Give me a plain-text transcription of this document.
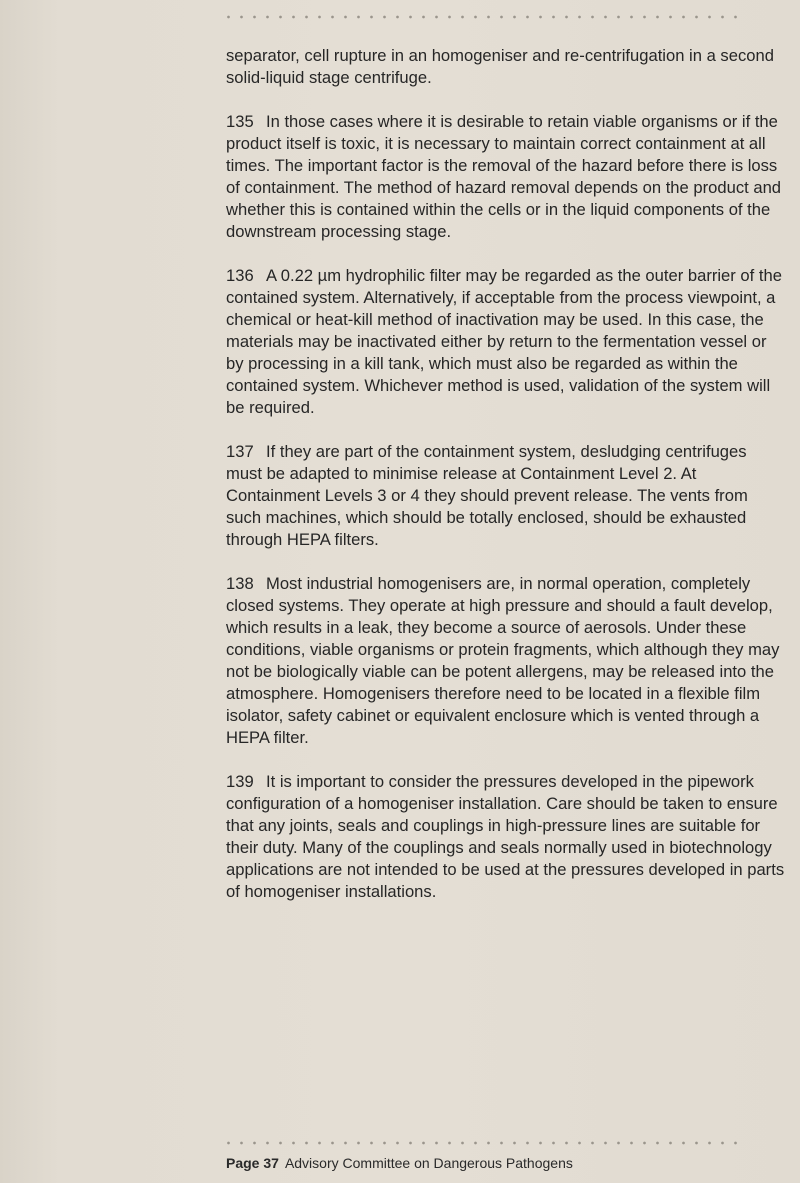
separator, cell rupture in an homogeniser and re-centrifugation in a second solid-liquid stage centrifuge.

135 In those cases where it is desirable to retain viable organisms or if the product itself is toxic, it is necessary to maintain correct containment at all times. The important factor is the removal of the hazard before there is loss of containment. The method of hazard removal depends on the product and whether this is contained within the cells or in the liquid components of the downstream processing stage.

136 A 0.22 µm hydrophilic filter may be regarded as the outer barrier of the contained system. Alternatively, if acceptable from the process viewpoint, a chemical or heat-kill method of inactivation may be used. In this case, the materials may be inactivated either by return to the fermentation vessel or by processing in a kill tank, which must also be regarded as within the contained system. Whichever method is used, validation of the system will be required.

137 If they are part of the containment system, desludging centrifuges must be adapted to minimise release at Containment Level 2. At Containment Levels 3 or 4 they should prevent release. The vents from such machines, which should be totally enclosed, should be exhausted through HEPA filters.

138 Most industrial homogenisers are, in normal operation, completely closed systems. They operate at high pressure and should a fault develop, which results in a leak, they become a source of aerosols. Under these conditions, viable organisms or protein fragments, which although they may not be biologically viable can be potent allergens, may be released into the atmosphere. Homogenisers therefore need to be located in a flexible film isolator, safety cabinet or equivalent enclosure which is vented through a HEPA filter.

139 It is important to consider the pressures developed in the pipework configuration of a homogeniser installation. Care should be taken to ensure that any joints, seals and couplings in high-pressure lines are suitable for their duty. Many of the couplings and seals normally used in biotechnology applications are not intended to be used at the pressures developed in parts of homogeniser installations.

Page 37 Advisory Committee on Dangerous Pathogens
